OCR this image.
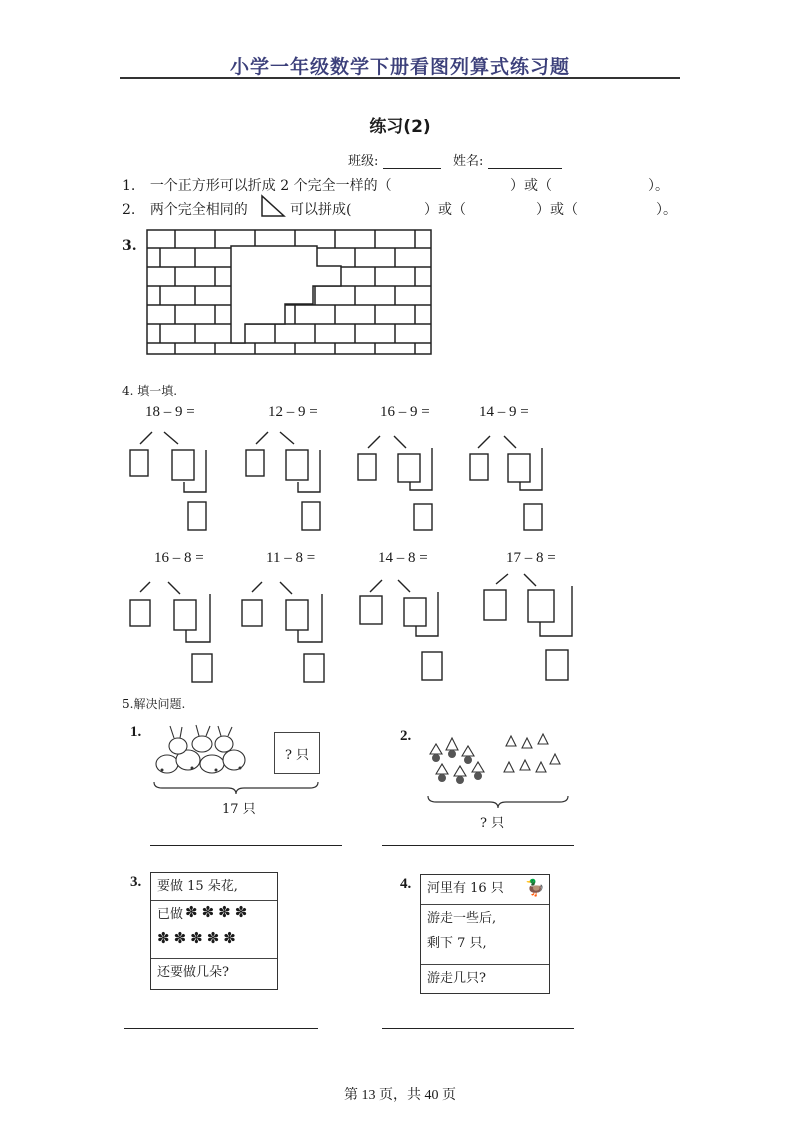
小学一年级数学下册看图列算式练习题
练习(2)
班级:	姓名:
1. 一个正方形可以折成 2 个完全一样的（	）或（	）。
2. 两个完全相同的	可以拼成(	）或（	）或（	）。
3.
4. 填一填.
18 – 9 =	12 – 9 =	16 – 9 =	14 – 9 =
16 – 8 =	11 – 8 =	14 – 8 =	17 – 8 =
5.解决问题.
1.
? 只
17 只
2.
? 只
3.	要做 15 朵花,
已做 ✽✽✽✽
✽✽✽✽✽
还要做几朵?
4.	河里有 16 只 🦆
游走一些后,
剩下 7 只,
游走几只?
第 13 页，共 40 页
